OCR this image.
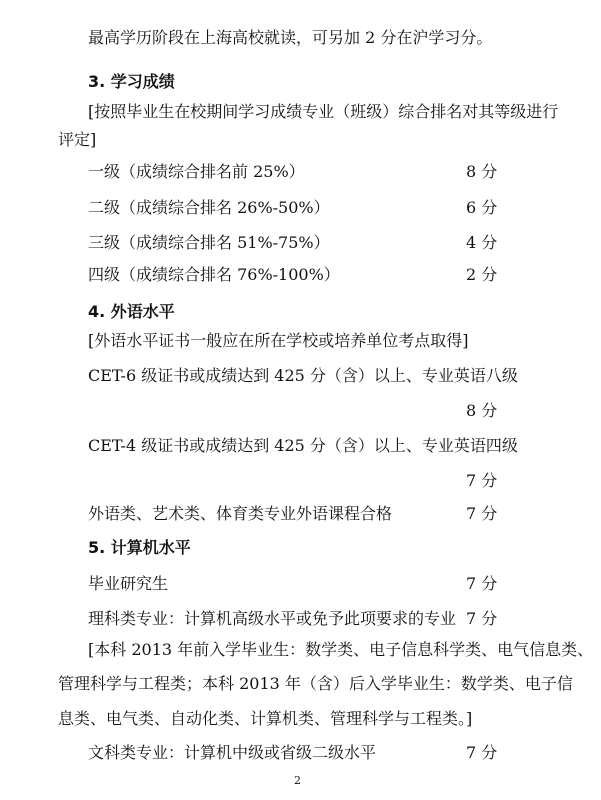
最高学历阶段在上海高校就读，可另加 2 分在沪学习分。
3. 学习成绩
[按照毕业生在校期间学习成绩专业（班级）综合排名对其等级进行
评定]
一级（成绩综合排名前 25%）	8 分
二级（成绩综合排名 26%-50%）	6 分
三级（成绩综合排名 51%-75%）	4 分
四级（成绩综合排名 76%-100%）	2 分
4. 外语水平
[外语水平证书一般应在所在学校或培养单位考点取得]
CET-6 级证书或成绩达到 425 分（含）以上、专业英语八级
8 分
CET-4 级证书或成绩达到 425 分（含）以上、专业英语四级
7 分
外语类、艺术类、体育类专业外语课程合格	7 分
5. 计算机水平
毕业研究生	7 分
理科类专业：计算机高级水平或免予此项要求的专业 7 分
[本科 2013 年前入学毕业生：数学类、电子信息科学类、电气信息类、
管理科学与工程类；本科 2013 年（含）后入学毕业生：数学类、电子信
息类、电气类、自动化类、计算机类、管理科学与工程类。]
文科类专业：计算机中级或省级二级水平	7 分
2
